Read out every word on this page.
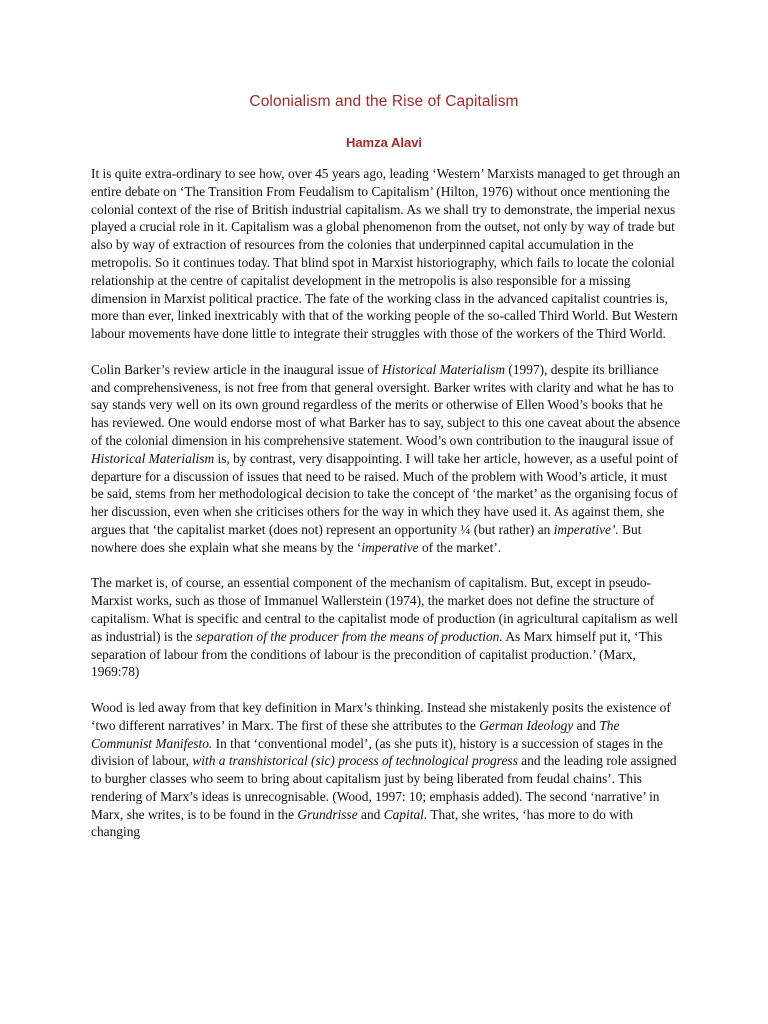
Colonialism and the Rise of Capitalism
Hamza Alavi

It is quite extra-ordinary to see how, over 45 years ago, leading ‘Western’ Marxists managed to get through an entire debate on ‘The Transition From Feudalism to Capitalism’ (Hilton, 1976) without once mentioning the colonial context of the rise of British industrial capitalism. As we shall try to demonstrate, the imperial nexus played a crucial role in it. Capitalism was a global phenomenon from the outset, not only by way of trade but also by way of extraction of resources from the colonies that underpinned capital accumulation in the metropolis. So it continues today. That blind spot in Marxist historiography, which fails to locate the colonial relationship at the centre of capitalist development in the metropolis is also responsible for a missing dimension in Marxist political practice. The fate of the working class in the advanced capitalist countries is, more than ever, linked inextricably with that of the working people of the so-called Third World. But Western labour movements have done little to integrate their struggles with those of the workers of the Third World.

Colin Barker’s review article in the inaugural issue of Historical Materialism (1997), despite its brilliance and comprehensiveness, is not free from that general oversight. Barker writes with clarity and what he has to say stands very well on its own ground regardless of the merits or otherwise of Ellen Wood’s books that he has reviewed. One would endorse most of what Barker has to say, subject to this one caveat about the absence of the colonial dimension in his comprehensive statement. Wood’s own contribution to the inaugural issue of Historical Materialism is, by contrast, very disappointing. I will take her article, however, as a useful point of departure for a discussion of issues that need to be raised. Much of the problem with Wood’s article, it must be said, stems from her methodological decision to take the concept of ‘the market’ as the organising focus of her discussion, even when she criticises others for the way in which they have used it. As against them, she argues that ‘the capitalist market (does not) represent an opportunity ¼ (but rather) an imperative’. But nowhere does she explain what she means by the ‘imperative of the market’.

The market is, of course, an essential component of the mechanism of capitalism. But, except in pseudo-Marxist works, such as those of Immanuel Wallerstein (1974), the market does not define the structure of capitalism. What is specific and central to the capitalist mode of production (in agricultural capitalism as well as industrial) is the separation of the producer from the means of production. As Marx himself put it, ‘This separation of labour from the conditions of labour is the precondition of capitalist production.’ (Marx, 1969:78)

Wood is led away from that key definition in Marx’s thinking. Instead she mistakenly posits the existence of ‘two different narratives’ in Marx. The first of these she attributes to the German Ideology and The Communist Manifesto. In that ‘conventional model’, (as she puts it), history is a succession of stages in the division of labour, with a transhistorical (sic) process of technological progress and the leading role assigned to burgher classes who seem to bring about capitalism just by being liberated from feudal chains’. This rendering of Marx’s ideas is unrecognisable. (Wood, 1997: 10; emphasis added). The second ‘narrative’ in Marx, she writes, is to be found in the Grundrisse and Capital. That, she writes, ‘has more to do with changing
